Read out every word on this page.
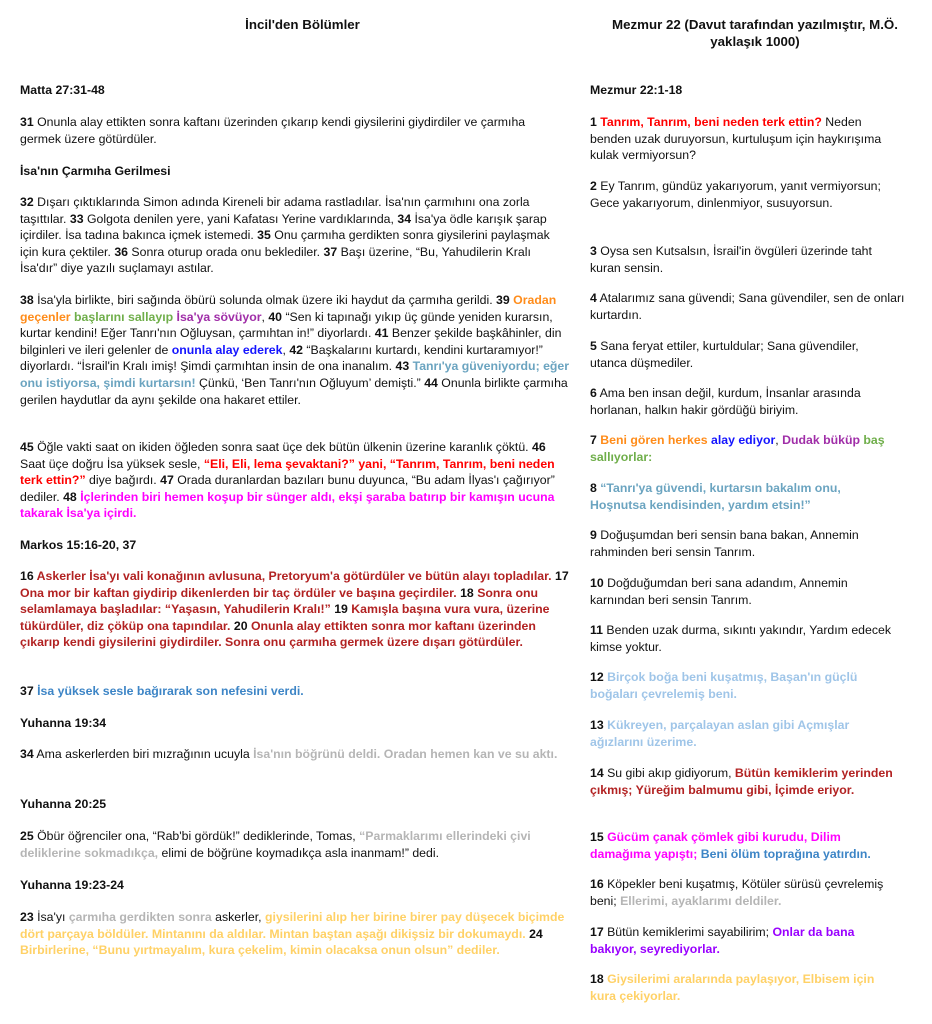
İncil'den Bölümler
Matta 27:31-48
31 Onunla alay ettikten sonra kaftanı üzerinden çıkarıp kendi giysilerini giydirdiler ve çarmıha germek üzere götürdüler.
İsa'nın Çarmıha Gerilmesi
32 Dışarı çıktıklarında Simon adında Kireneli bir adama rastladılar. İsa'nın çarmıhını ona zorla taşıttılar. 33 Golgota denilen yere, yani Kafatası Yerine vardıklarında, 34 İsa'ya ödle karışık şarap içirdiler. İsa tadına bakınca içmek istemedi. 35 Onu çarmıha gerdikten sonra giysilerini paylaşmak için kura çektiler. 36 Sonra oturup orada onu beklediler. 37 Başı üzerine, “Bu, Yahudilerin Kralı İsa'dır” diye yazılı suçlamayı astılar.
38 İsa'yla birlikte, biri sağında öbürü solunda olmak üzere iki haydut da çarmıha gerildi. 39 Oradan geçenler başlarını sallayıp İsa'ya sövüyor, 40 “Sen ki tapınağı yıkıp üç günde yeniden kurarsın, kurtar kendini! Eğer Tanrı'nın Oğluysan, çarmıhtan in!” diyorlardı. 41 Benzer şekilde başkâhinler, din bilginleri ve ileri gelenler de onunla alay ederek, 42 “Başkalarını kurtardı, kendini kurtaramıyor!” diyorlardı. “İsrail'in Kralı imiş! Şimdi çarmıhtan insin de ona inanalım. 43 Tanrı'ya güveniyordu; eğer onu istiyorsa, şimdi kurtarsın! Çünkü, ‘Ben Tanrı'nın Oğluyum’ demişti.” 44 Onunla birlikte çarmıha gerilen haydutlar da aynı şekilde ona hakaret ettiler.
45 Öğle vakti saat on ikiden öğleden sonra saat üçe dek bütün ülkenin üzerine karanlık çöktü. 46 Saat üçe doğru İsa yüksek sesle, “Eli, Eli, lema şevaktani?” yani, “Tanrım, Tanrım, beni neden terk ettin?” diye bağırdı. 47 Orada duranlardan bazıları bunu duyunca, “Bu adam İlyas'ı çağırıyor” dediler. 48 İçlerinden biri hemen koşup bir sünger aldı, ekşi şaraba batırıp bir kamışın ucuna takarak İsa'ya içirdi.
Markos 15:16-20, 37
16 Askerler İsa'yı vali konağının avlusuna, Pretoryum'a götürdüler ve bütün alayı topladılar. 17 Ona mor bir kaftan giydirip dikenlerden bir taç ördüler ve başına geçirdiler. 18 Sonra onu selamlamaya başladılar: “Yaşasın, Yahudilerin Kralı!” 19 Kamışla başına vura vura, üzerine tükürdüler, diz çöküp ona tapındılar. 20 Onunla alay ettikten sonra mor kaftanı üzerinden çıkarıp kendi giysilerini giydirdiler. Sonra onu çarmıha germek üzere dışarı götürdüler.
37 İsa yüksek sesle bağırarak son nefesini verdi.
Yuhanna 19:34
34 Ama askerlerden biri mızrağının ucuyla İsa'nın böğrünü deldi. Oradan hemen kan ve su aktı.
Yuhanna 20:25
25 Öbür öğrenciler ona, “Rab'bi gördük!” dediklerinde, Tomas, “Parmaklarımı ellerindeki çivi deliklerine sokmadıkça, elimi de böğrüne koymadıkça asla inanmam!” dedi.
Yuhanna 19:23-24
23 İsa'yı çarmıha gerdikten sonra askerler, giysilerini alıp her birine birer pay düşecek biçimde dört parçaya böldüler. Mintanını da aldılar. Mintan baştan aşağı dikişsiz bir dokumaydı. 24 Birbirlerine, “Bunu yırtmayalım, kura çekelim, kimin olacaksa onun olsun” dediler.
Mezmur 22 (Davut tarafından yazılmıştır, M.Ö. yaklaşık 1000)
Mezmur 22:1-18
1 Tanrım, Tanrım, beni neden terk ettin? Neden benden uzak duruyorsun, kurtuluşum için haykırışıma kulak vermiyorsun?
2 Ey Tanrım, gündüz yakarıyorum, yanıt vermiyorsun; Gece yakarıyorum, dinlenmiyor, susuyorsun.
3 Oysa sen Kutsalsın, İsrail'in övgüleri üzerinde taht kuran sensin.
4 Atalarımız sana güvendi; Sana güvendiler, sen de onları kurtardın.
5 Sana feryat ettiler, kurtuldular; Sana güvendiler, utanca düşmediler.
6 Ama ben insan değil, kurdum, İnsanlar arasında horlanan, halkın hakir gördüğü biriyim.
7 Beni gören herkes alay ediyor, Dudak büküp baş sallıyorlar:
8 “Tanrı'ya güvendi, kurtarsın bakalım onu, Hoşnutsa kendisinden, yardım etsin!”
9 Doğuşumdan beri sensin bana bakan, Annemin rahminden beri sensin Tanrım.
10 Doğduğumdan beri sana adandım, Annemin karnından beri sensin Tanrım.
11 Benden uzak durma, sıkıntı yakındır, Yardım edecek kimse yoktur.
12 Birçok boğa beni kuşatmış, Başan'ın güçlü boğaları çevrelemiş beni.
13 Kükreyen, parçalayan aslan gibi Açmışlar ağızlarını üzerime.
14 Su gibi akıp gidiyorum, Bütün kemiklerim yerinden çıkmış; Yüreğim balmumu gibi, İçimde eriyor.
15 Gücüm çanak çömlek gibi kurudu, Dilim damağıma yapıştı; Beni ölüm toprağına yatırdın.
16 Köpekler beni kuşatmış, Kötüler sürüsü çevrelemiş beni; Ellerimi, ayaklarımı deldiler.
17 Bütün kemiklerimi sayabilirim; Onlar da bana bakıyor, seyrediyorlar.
18 Giysilerimi aralarında paylaşıyor, Elbisem için kura çekiyorlar.
